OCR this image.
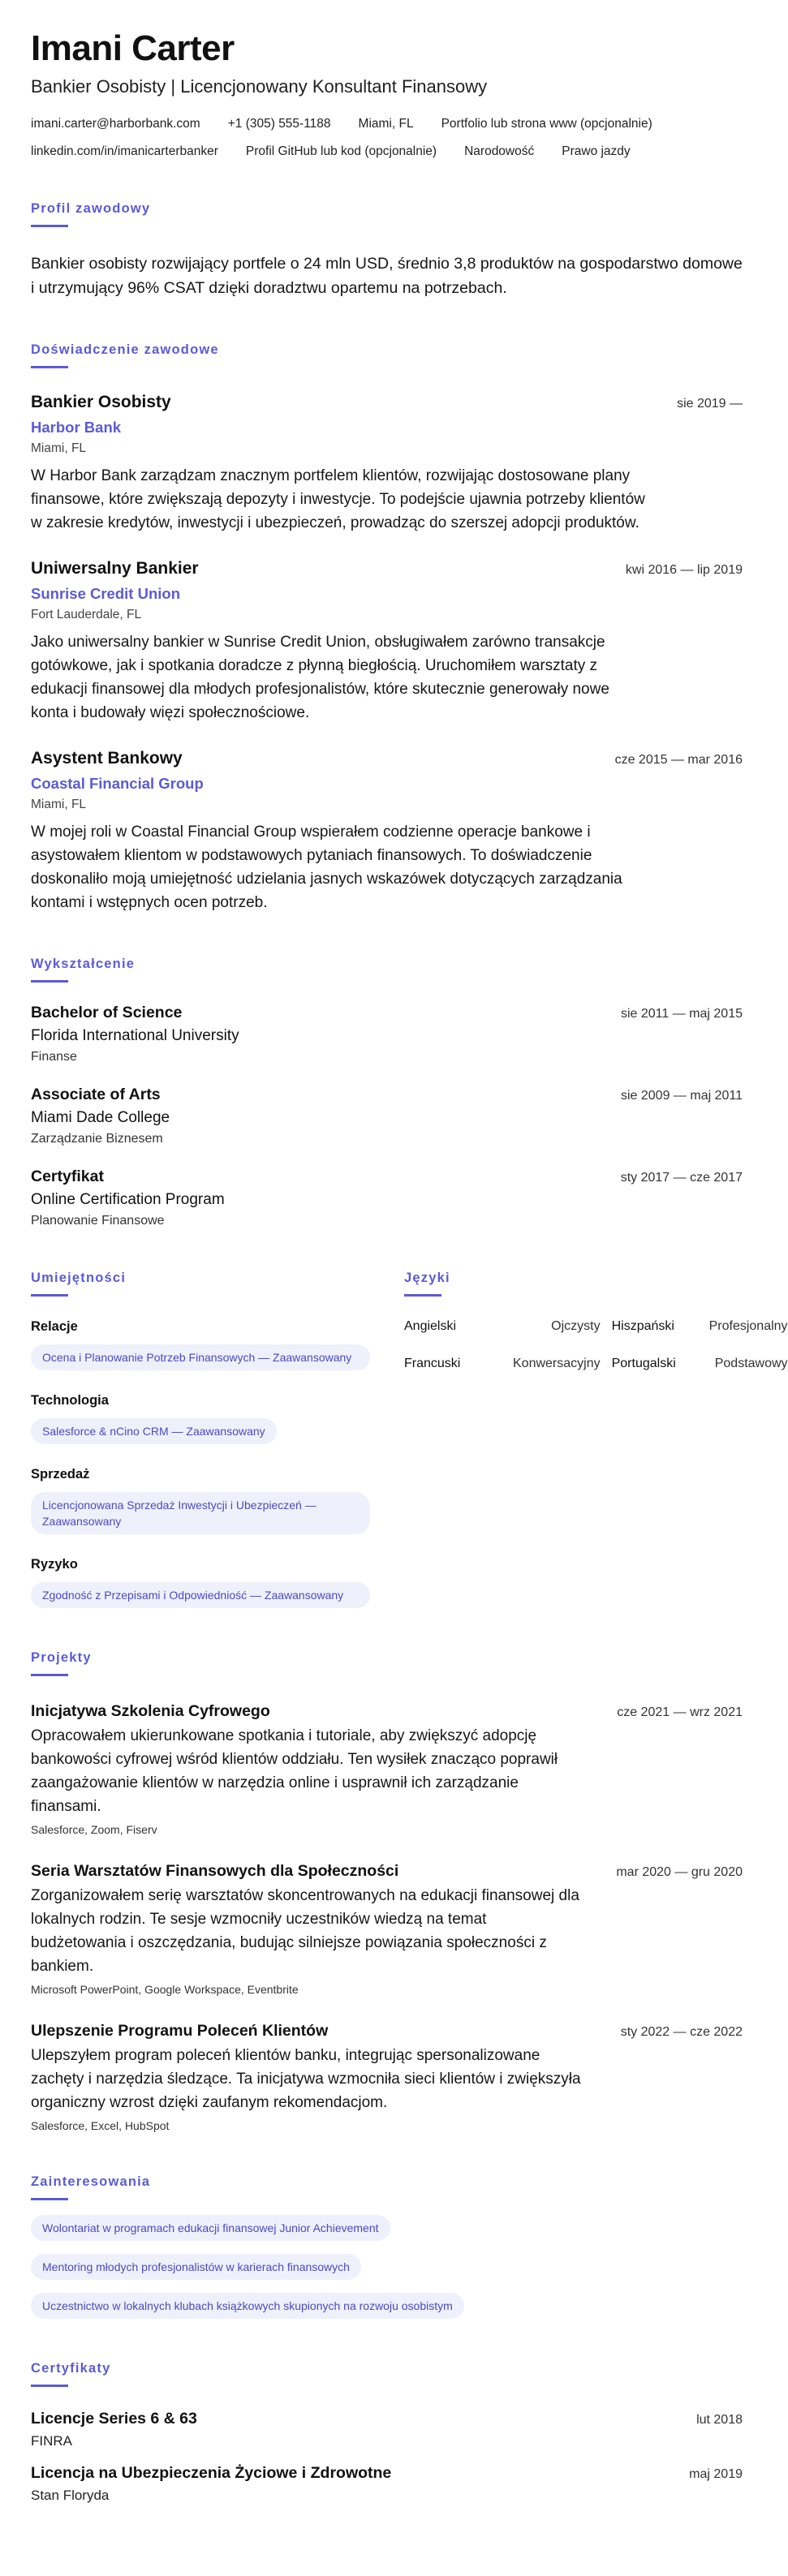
Imani Carter
Bankier Osobisty | Licencjonowany Konsultant Finansowy
imani.carter@harborbank.com +1 (305) 555-1188 Miami, FL Portfolio lub strona www (opcjonalnie)
linkedin.com/in/imanicarterbanker Profil GitHub lub kod (opcjonalnie) Narodowość Prawo jazdy
Profil zawodowy

Bankier osobisty rozwijający portfele o 24 mln USD, średnio 3,8 produktów na gospodarstwo domowe i utrzymujący 96% CSAT dzięki doradztwu opartemu na potrzebach.

Doświadczenie zawodowe
Bankier Osobisty	sie 2019 —
Harbor Bank
Miami, FL

W Harbor Bank zarządzam znacznym portfelem klientów, rozwijając dostosowane plany finansowe, które zwiększają depozyty i inwestycje. To podejście ujawnia potrzeby klientów w zakresie kredytów, inwestycji i ubezpieczeń, prowadząc do szerszej adopcji produktów.

Uniwersalny Bankier	kwi 2016 — lip 2019
Sunrise Credit Union
Fort Lauderdale, FL

Jako uniwersalny bankier w Sunrise Credit Union, obsługiwałem zarówno transakcje gotówkowe, jak i spotkania doradcze z płynną biegłością. Uruchomiłem warsztaty z edukacji finansowej dla młodych profesjonalistów, które skutecznie generowały nowe konta i budowały więzi społecznościowe.

Asystent Bankowy	cze 2015 — mar 2016
Coastal Financial Group
Miami, FL

W mojej roli w Coastal Financial Group wspierałem codzienne operacje bankowe i asystowałem klientom w podstawowych pytaniach finansowych. To doświadczenie doskonaliło moją umiejętność udzielania jasnych wskazówek dotyczących zarządzania kontami i wstępnych ocen potrzeb.

Wykształcenie
Bachelor of Science	sie 2011 — maj 2015
Florida International University
Finanse
Associate of Arts	sie 2009 — maj 2011
Miami Dade College
Zarządzanie Biznesem
Certyfikat	sty 2017 — cze 2017
Online Certification Program
Planowanie Finansowe
Umiejętności
Relacje
Ocena i Planowanie Potrzeb Finansowych — Zaawansowany
Technologia
Salesforce & nCino CRM — Zaawansowany
Sprzedaż
Licencjonowana Sprzedaż Inwestycji i Ubezpieczeń — Zaawansowany
Ryzyko
Zgodność z Przepisami i Odpowiedniość — Zaawansowany
Języki
Angielski	Ojczysty Hiszpański	Profesjonalny
Francuski	Konwersacyjny Portugalski	Podstawowy
Projekty
Inicjatywa Szkolenia Cyfrowego	cze 2021 — wrz 2021

Opracowałem ukierunkowane spotkania i tutoriale, aby zwiększyć adopcję bankowości cyfrowej wśród klientów oddziału. Ten wysiłek znacząco poprawił zaangażowanie klientów w narzędzia online i usprawnił ich zarządzanie finansami.

Salesforce, Zoom, Fiserv
Seria Warsztatów Finansowych dla Społeczności	mar 2020 — gru 2020

Zorganizowałem serię warsztatów skoncentrowanych na edukacji finansowej dla lokalnych rodzin. Te sesje wzmocniły uczestników wiedzą na temat budżetowania i oszczędzania, budując silniejsze powiązania społeczności z bankiem.

Microsoft PowerPoint, Google Workspace, Eventbrite
Ulepszenie Programu Poleceń Klientów	sty 2022 — cze 2022

Ulepszyłem program poleceń klientów banku, integrując spersonalizowane zachęty i narzędzia śledzące. Ta inicjatywa wzmocniła sieci klientów i zwiększyła organiczny wzrost dzięki zaufanym rekomendacjom.

Salesforce, Excel, HubSpot
Zainteresowania
Wolontariat w programach edukacji finansowej Junior Achievement
Mentoring młodych profesjonalistów w karierach finansowych
Uczestnictwo w lokalnych klubach książkowych skupionych na rozwoju osobistym
Certyfikaty
Licencje Series 6 & 63	lut 2018
FINRA
Licencja na Ubezpieczenia Życiowe i Zdrowotne	maj 2019
Stan Floryda
